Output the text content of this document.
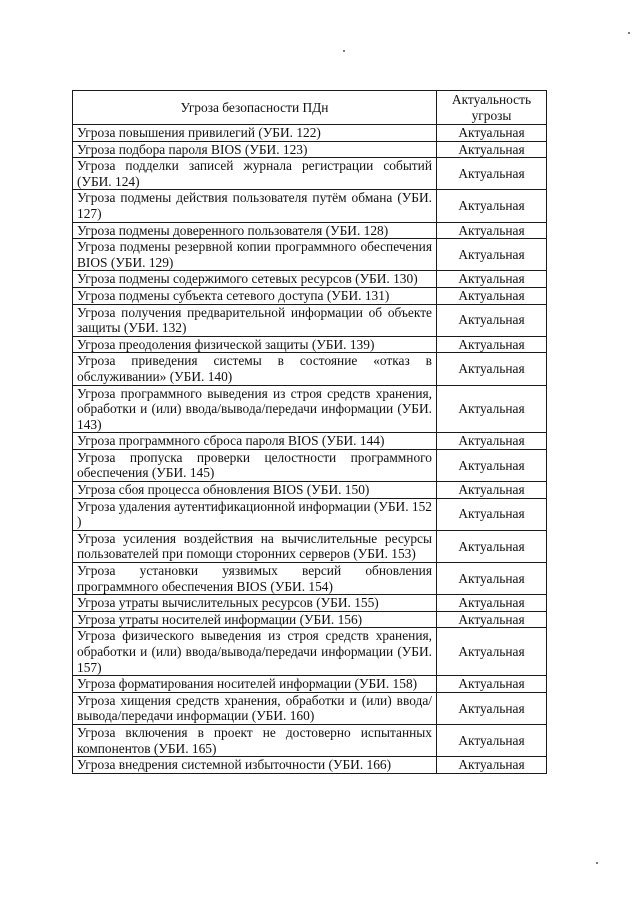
Угроза безопасности ПДн	Актуальность угрозы
Угроза повышения привилегий (УБИ. 122)	Актуальная
Угроза подбора пароля BIOS (УБИ. 123)	Актуальная
Угроза подделки записей журнала регистрации событий (УБИ. 124)	Актуальная
Угроза подмены действия пользователя путём обмана (УБИ. 127)	Актуальная
Угроза подмены доверенного пользователя (УБИ. 128)	Актуальная
Угроза подмены резервной копии программного обеспечения BIOS (УБИ. 129)	Актуальная
Угроза подмены содержимого сетевых ресурсов (УБИ. 130)	Актуальная
Угроза подмены субъекта сетевого доступа (УБИ. 131)	Актуальная
Угроза получения предварительной информации об объекте защиты (УБИ. 132)	Актуальная
Угроза преодоления физической защиты (УБИ. 139)	Актуальная
Угроза приведения системы в состояние «отказ в обслуживании» (УБИ. 140)	Актуальная
Угроза программного выведения из строя средств хранения, обработки и (или) ввода/вывода/передачи информации (УБИ. 143)	Актуальная
Угроза программного сброса пароля BIOS (УБИ. 144)	Актуальная
Угроза пропуска проверки целостности программного обеспечения (УБИ. 145)	Актуальная
Угроза сбоя процесса обновления BIOS (УБИ. 150)	Актуальная
Угроза удаления аутентификационной информации (УБИ. 152 )	Актуальная
Угроза усиления воздействия на вычислительные ресурсы пользователей при помощи сторонних серверов (УБИ. 153)	Актуальная
Угроза установки уязвимых версий обновления программного обеспечения BIOS (УБИ. 154)	Актуальная
Угроза утраты вычислительных ресурсов (УБИ. 155)	Актуальная
Угроза утраты носителей информации (УБИ. 156)	Актуальная
Угроза физического выведения из строя средств хранения, обработки и (или) ввода/вывода/передачи информации (УБИ. 157)	Актуальная
Угроза форматирования носителей информации (УБИ. 158)	Актуальная
Угроза хищения средств хранения, обработки и (или) ввода/вывода/передачи информации (УБИ. 160)	Актуальная
Угроза включения в проект не достоверно испытанных компонентов (УБИ. 165)	Актуальная
Угроза внедрения системной избыточности (УБИ. 166)	Актуальная
